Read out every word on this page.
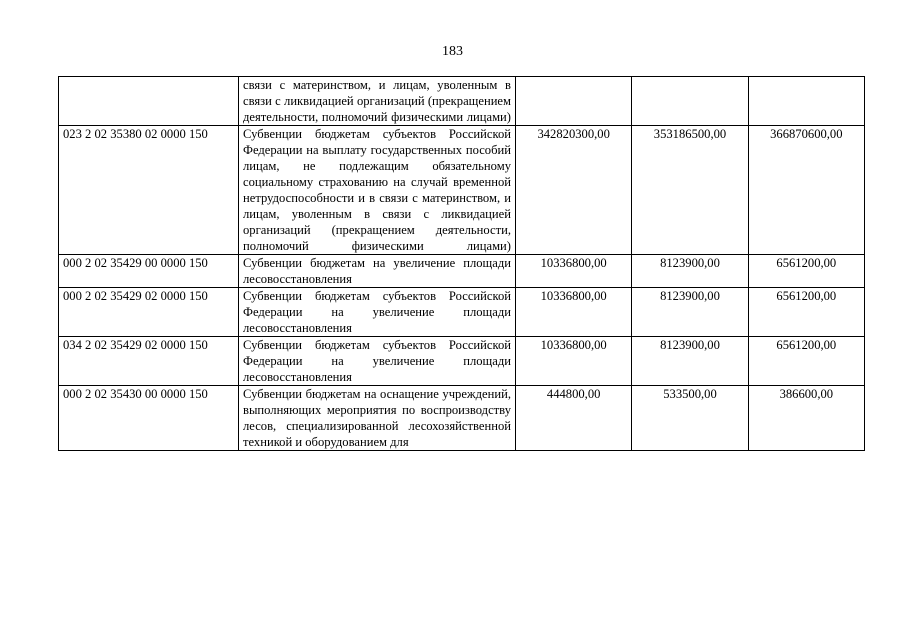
183
	связи с материнством, и лицам, уволенным в связи с ликвидацией организаций (прекращением деятельности, полномочий физическими лицами)			
023 2 02 35380 02 0000 150	Субвенции бюджетам субъектов Российской Федерации на выплату государственных пособий лицам, не подлежащим обязательному социальному страхованию на случай временной нетрудоспособности и в связи с материнством, и лицам, уволенным в связи с ликвидацией организаций (прекращением деятельности, полномочий физическими лицами)	342820300,00	353186500,00	366870600,00
000 2 02 35429 00 0000 150	Субвенции бюджетам на увеличение площади лесовосстановления	10336800,00	8123900,00	6561200,00
000 2 02 35429 02 0000 150	Субвенции бюджетам субъектов Российской Федерации на увеличение площади лесовосстановления	10336800,00	8123900,00	6561200,00
034 2 02 35429 02 0000 150	Субвенции бюджетам субъектов Российской Федерации на увеличение площади лесовосстановления	10336800,00	8123900,00	6561200,00
000 2 02 35430 00 0000 150	Субвенции бюджетам на оснащение учреждений, выполняющих мероприятия по воспроизводству лесов, специализированной лесохозяйственной техникой и оборудованием для	444800,00	533500,00	386600,00
